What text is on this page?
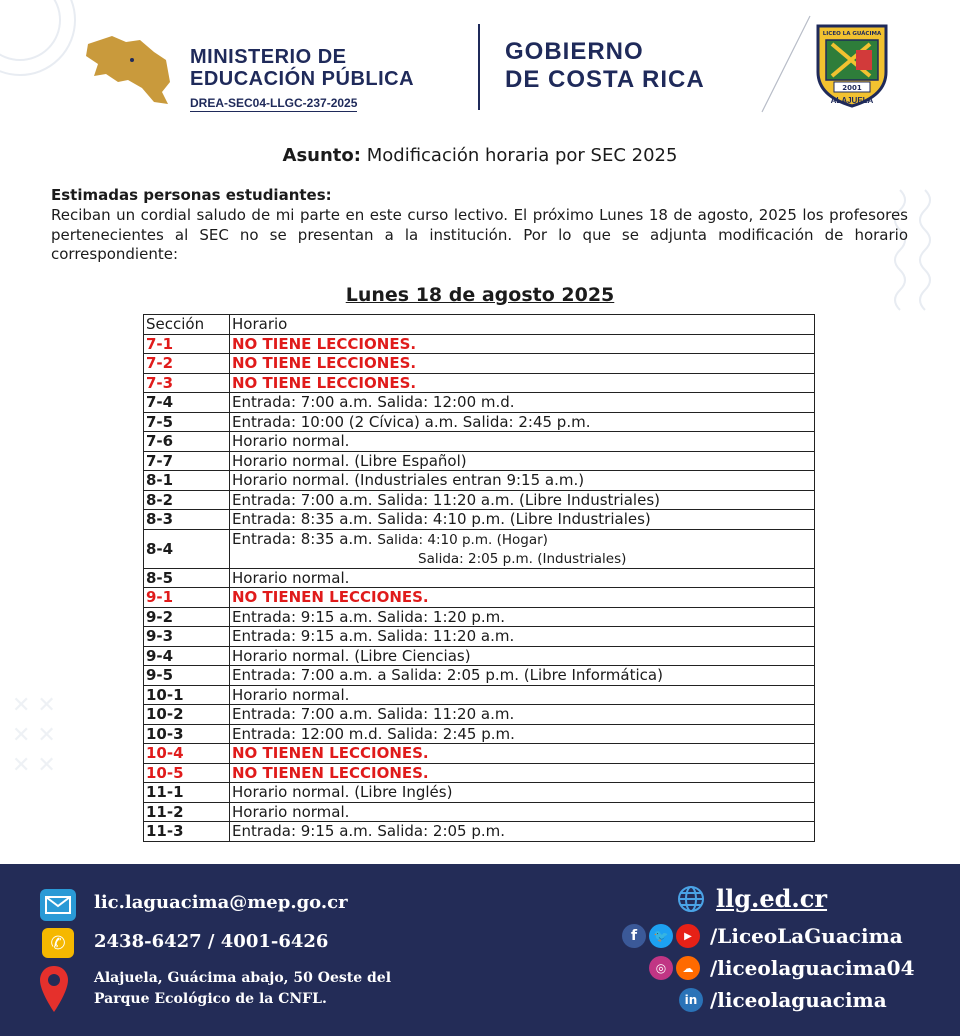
✕ ✕
✕ ✕
✕ ✕
MINISTERIO DE
EDUCACIÓN PÚBLICA
DREA-SEC04-LLGC-237-2025
GOBIERNO
DE COSTA RICA	2001
LICEO LA GUÁCIMA
ALAJUELA
Asunto: Modificación horaria por SEC 2025
Estimadas personas estudiantes:
Reciban un cordial saludo de mi parte en este curso lectivo. El próximo Lunes 18 de agosto, 2025 los profesores pertenecientes al SEC no se presentan a la institución. Por lo que se adjunta modificación de horario correspondiente:
Lunes 18 de agosto 2025
Sección	Horario
7-1	NO TIENE LECCIONES.
7-2	NO TIENE LECCIONES.
7-3	NO TIENE LECCIONES.
7-4	Entrada: 7:00 a.m. Salida: 12:00 m.d.
7-5	Entrada: 10:00 (2 Cívica) a.m. Salida: 2:45 p.m.
7-6	Horario normal.
7-7	Horario normal. (Libre Español)
8-1	Horario normal. (Industriales entran 9:15 a.m.)
8-2	Entrada: 7:00 a.m. Salida: 11:20 a.m. (Libre Industriales)
8-3	Entrada: 8:35 a.m. Salida: 4:10 p.m. (Libre Industriales)
8-4	Entrada: 8:35 a.m. Salida: 4:10 p.m. (Hogar)
Salida: 2:05 p.m. (Industriales)
8-5	Horario normal.
9-1	NO TIENEN LECCIONES.
9-2	Entrada: 9:15 a.m. Salida: 1:20 p.m.
9-3	Entrada: 9:15 a.m. Salida: 11:20 a.m.
9-4	Horario normal. (Libre Ciencias)
9-5	Entrada: 7:00 a.m. a Salida: 2:05 p.m. (Libre Informática)
10-1	Horario normal.
10-2	Entrada: 7:00 a.m. Salida: 11:20 a.m.
10-3	Entrada: 12:00 m.d. Salida: 2:45 p.m.
10-4	NO TIENEN LECCIONES.
10-5	NO TIENEN LECCIONES.
11-1	Horario normal. (Libre Inglés)
11-2	Horario normal.
11-3	Entrada: 9:15 a.m. Salida: 2:05 p.m.
lic.laguacima@mep.go.cr
✆	2438-6427 / 4001-6426
Alajuela, Guácima abajo, 50 Oeste del
Parque Ecológico de la CNFL.
llg.ed.cr
f	🐦	▶ /LiceoLaGuacima
◎	☁ /liceolaguacima04
in /liceolaguacima
